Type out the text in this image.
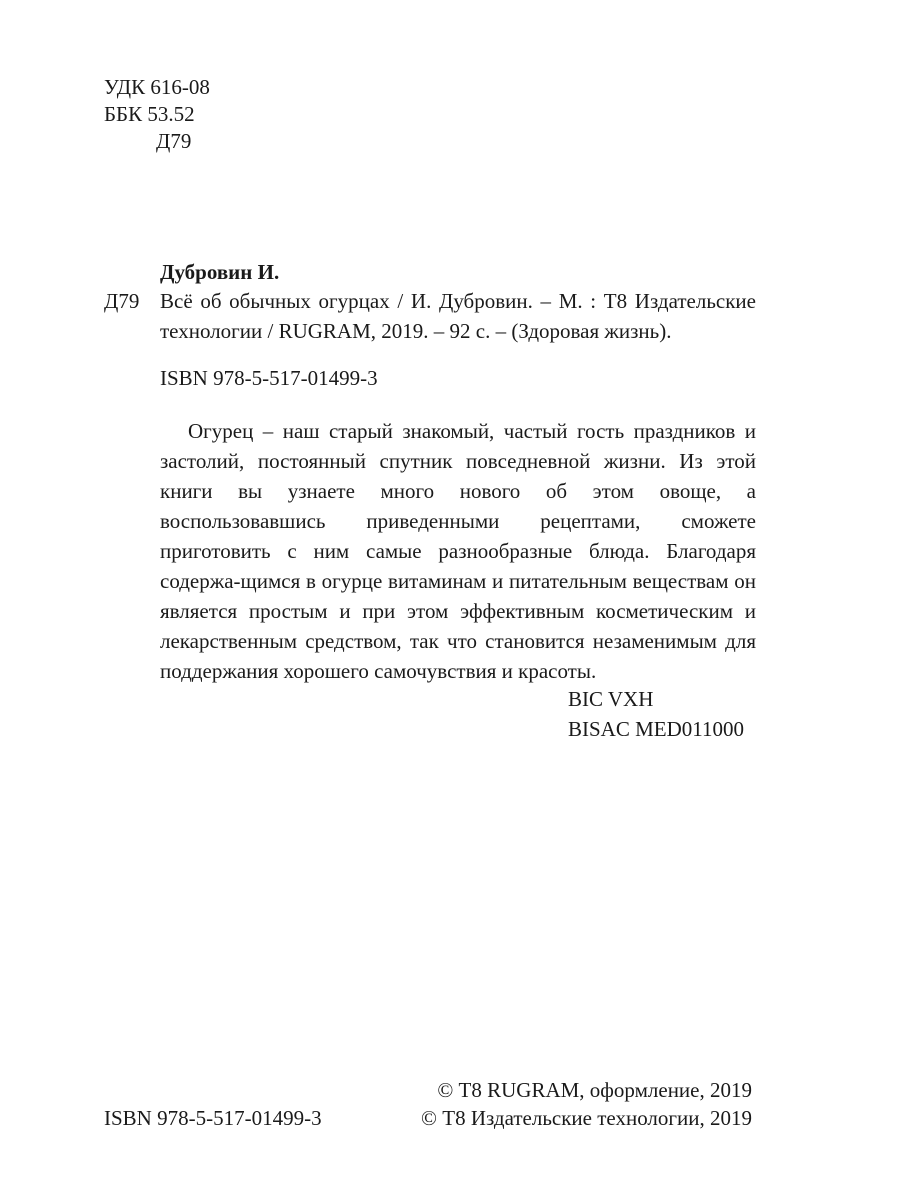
УДК 616-08
ББК 53.52
Д79
Дубровин И.
Д79 Всё об обычных огурцах / И. Дубровин. – М. : Т8 Издательские технологии / RUGRAM, 2019. – 92 с. – (Здоровая жизнь).
ISBN 978-5-517-01499-3
Огурец – наш старый знакомый, частый гость праздников и застолий, постоянный спутник повседневной жизни. Из этой книги вы узнаете много нового об этом овоще, а воспользовавшись приведенными рецептами, сможете приготовить с ним самые разнообразные блюда. Благодаря содержа-щимся в огурце витаминам и питательным веществам он является простым и при этом эффективным косметическим и лекарственным средством, так что становится незаменимым для поддержания хорошего самочувствия и красоты.
BIC VXH
BISAC MED011000
© Т8 RUGRAM, оформление, 2019
© Т8 Издательские технологии, 2019
ISBN 978-5-517-01499-3
